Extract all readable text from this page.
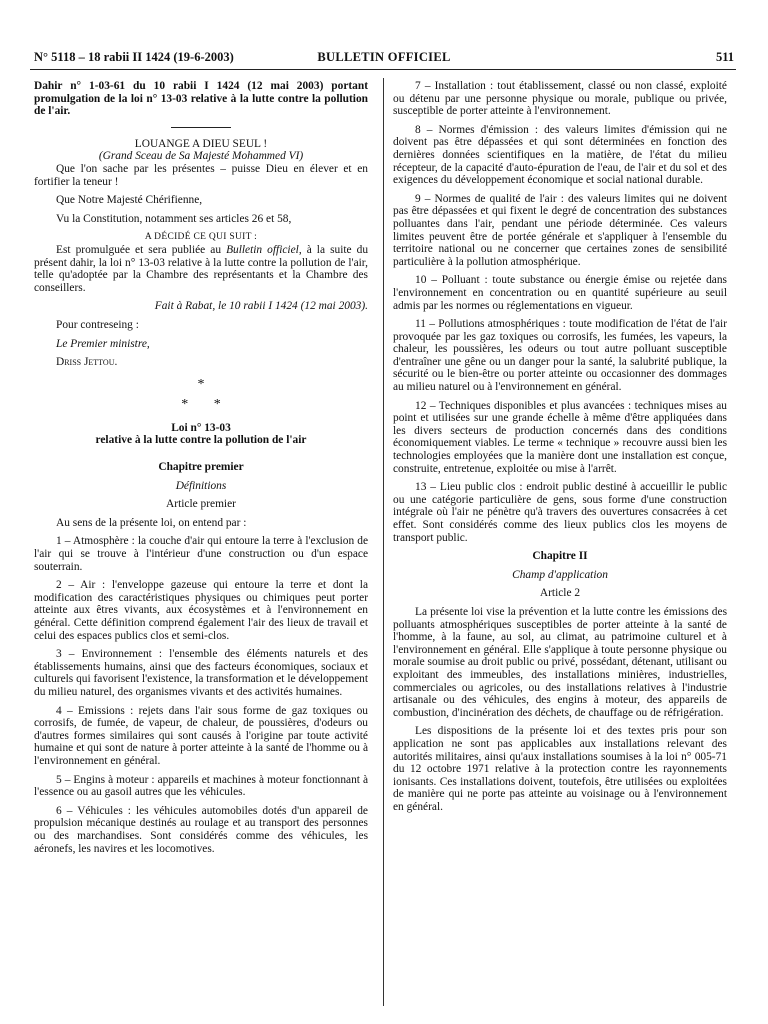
N° 5118 – 18 rabii II 1424 (19-6-2003)	BULLETIN OFFICIEL	511

Dahir n° 1-03-61 du 10 rabii I 1424 (12 mai 2003) portant promulgation de la loi n° 13-03 relative à la lutte contre la pollution de l'air.

LOUANGE A DIEU SEUL !

(Grand Sceau de Sa Majesté Mohammed VI)

Que l'on sache par les présentes – puisse Dieu en élever et en fortifier la teneur !

Que Notre Majesté Chérifienne,

Vu la Constitution, notamment ses articles 26 et 58,

A DÉCIDÉ CE QUI SUIT :

Est promulguée et sera publiée au Bulletin officiel, à la suite du présent dahir, la loi n° 13-03 relative à la lutte contre la pollution de l'air, telle qu'adoptée par la Chambre des représentants et la Chambre des conseillers.

Fait à Rabat, le 10 rabii I 1424 (12 mai 2003).

Pour contreseing :

Le Premier ministre,

Driss Jettou.

*

* *

Loi n° 13-03

relative à la lutte contre la pollution de l'air

Chapitre premier

Définitions

Article premier

Au sens de la présente loi, on entend par :

1 – Atmosphère : la couche d'air qui entoure la terre à l'exclusion de l'air qui se trouve à l'intérieur d'une construction ou d'un espace souterrain.

2 – Air : l'enveloppe gazeuse qui entoure la terre et dont la modification des caractéristiques physiques ou chimiques peut porter atteinte aux êtres vivants, aux écosystèmes et à l'environnement en général. Cette définition comprend également l'air des lieux de travail et celui des espaces publics clos et semi-clos.

3 – Environnement : l'ensemble des éléments naturels et des établissements humains, ainsi que des facteurs économiques, sociaux et culturels qui favorisent l'existence, la transformation et le développement du milieu naturel, des organismes vivants et des activités humaines.

4 – Emissions : rejets dans l'air sous forme de gaz toxiques ou corrosifs, de fumée, de vapeur, de chaleur, de poussières, d'odeurs ou d'autres formes similaires qui sont causés à l'origine par toute activité humaine et qui sont de nature à porter atteinte à la santé de l'homme ou à l'environnement en général.

5 – Engins à moteur : appareils et machines à moteur fonctionnant à l'essence ou au gasoil autres que les véhicules.

6 – Véhicules : les véhicules automobiles dotés d'un appareil de propulsion mécanique destinés au roulage et au transport des personnes ou des marchandises. Sont considérés comme des véhicules, les aéronefs, les navires et les locomotives.

7 – Installation : tout établissement, classé ou non classé, exploité ou détenu par une personne physique ou morale, publique ou privée, susceptible de porter atteinte à l'environnement.

8 – Normes d'émission : des valeurs limites d'émission qui ne doivent pas être dépassées et qui sont déterminées en fonction des dernières données scientifiques en la matière, de l'état du milieu récepteur, de la capacité d'auto-épuration de l'eau, de l'air et du sol et des exigences du développement économique et social national durable.

9 – Normes de qualité de l'air : des valeurs limites qui ne doivent pas être dépassées et qui fixent le degré de concentration des substances polluantes dans l'air, pendant une période déterminée. Ces valeurs limites peuvent être de portée générale et s'appliquer à l'ensemble du territoire national ou ne concerner que certaines zones de sensibilité particulière à la pollution atmosphérique.

10 – Polluant : toute substance ou énergie émise ou rejetée dans l'environnement en concentration ou en quantité supérieure au seuil admis par les normes ou réglementations en vigueur.

11 – Pollutions atmosphériques : toute modification de l'état de l'air provoquée par les gaz toxiques ou corrosifs, les fumées, les vapeurs, la chaleur, les poussières, les odeurs ou tout autre polluant susceptible d'entraîner une gêne ou un danger pour la santé, la salubrité publique, la sécurité ou le bien-être ou porter atteinte ou occasionner des dommages au milieu naturel ou à l'environnement en général.

12 – Techniques disponibles et plus avancées : techniques mises au point et utilisées sur une grande échelle à même d'être appliquées dans les divers secteurs de production concernés dans des conditions économiquement viables. Le terme « technique » recouvre aussi bien les technologies employées que la manière dont une installation est conçue, construite, entretenue, exploitée ou mise à l'arrêt.

13 – Lieu public clos : endroit public destiné à accueillir le public ou une catégorie particulière de gens, sous forme d'une construction intégrale où l'air ne pénètre qu'à travers des ouvertures consacrées à cet effet. Sont considérés comme des lieux publics clos les moyens de transport public.

Chapitre II

Champ d'application

Article 2

La présente loi vise la prévention et la lutte contre les émissions des polluants atmosphériques susceptibles de porter atteinte à la santé de l'homme, à la faune, au sol, au climat, au patrimoine culturel et à l'environnement en général. Elle s'applique à toute personne physique ou morale soumise au droit public ou privé, possédant, détenant, utilisant ou exploitant des immeubles, des installations minières, industrielles, commerciales ou agricoles, ou des installations relatives à l'industrie artisanale ou des véhicules, des engins à moteur, des appareils de combustion, d'incinération des déchets, de chauffage ou de réfrigération.

Les dispositions de la présente loi et des textes pris pour son application ne sont pas applicables aux installations relevant des autorités militaires, ainsi qu'aux installations soumises à la loi n° 005-71 du 12 octobre 1971 relative à la protection contre les rayonnements ionisants. Ces installations doivent, toutefois, être utilisées ou exploitées de manière qui ne porte pas atteinte au voisinage ou à l'environnement en général.
